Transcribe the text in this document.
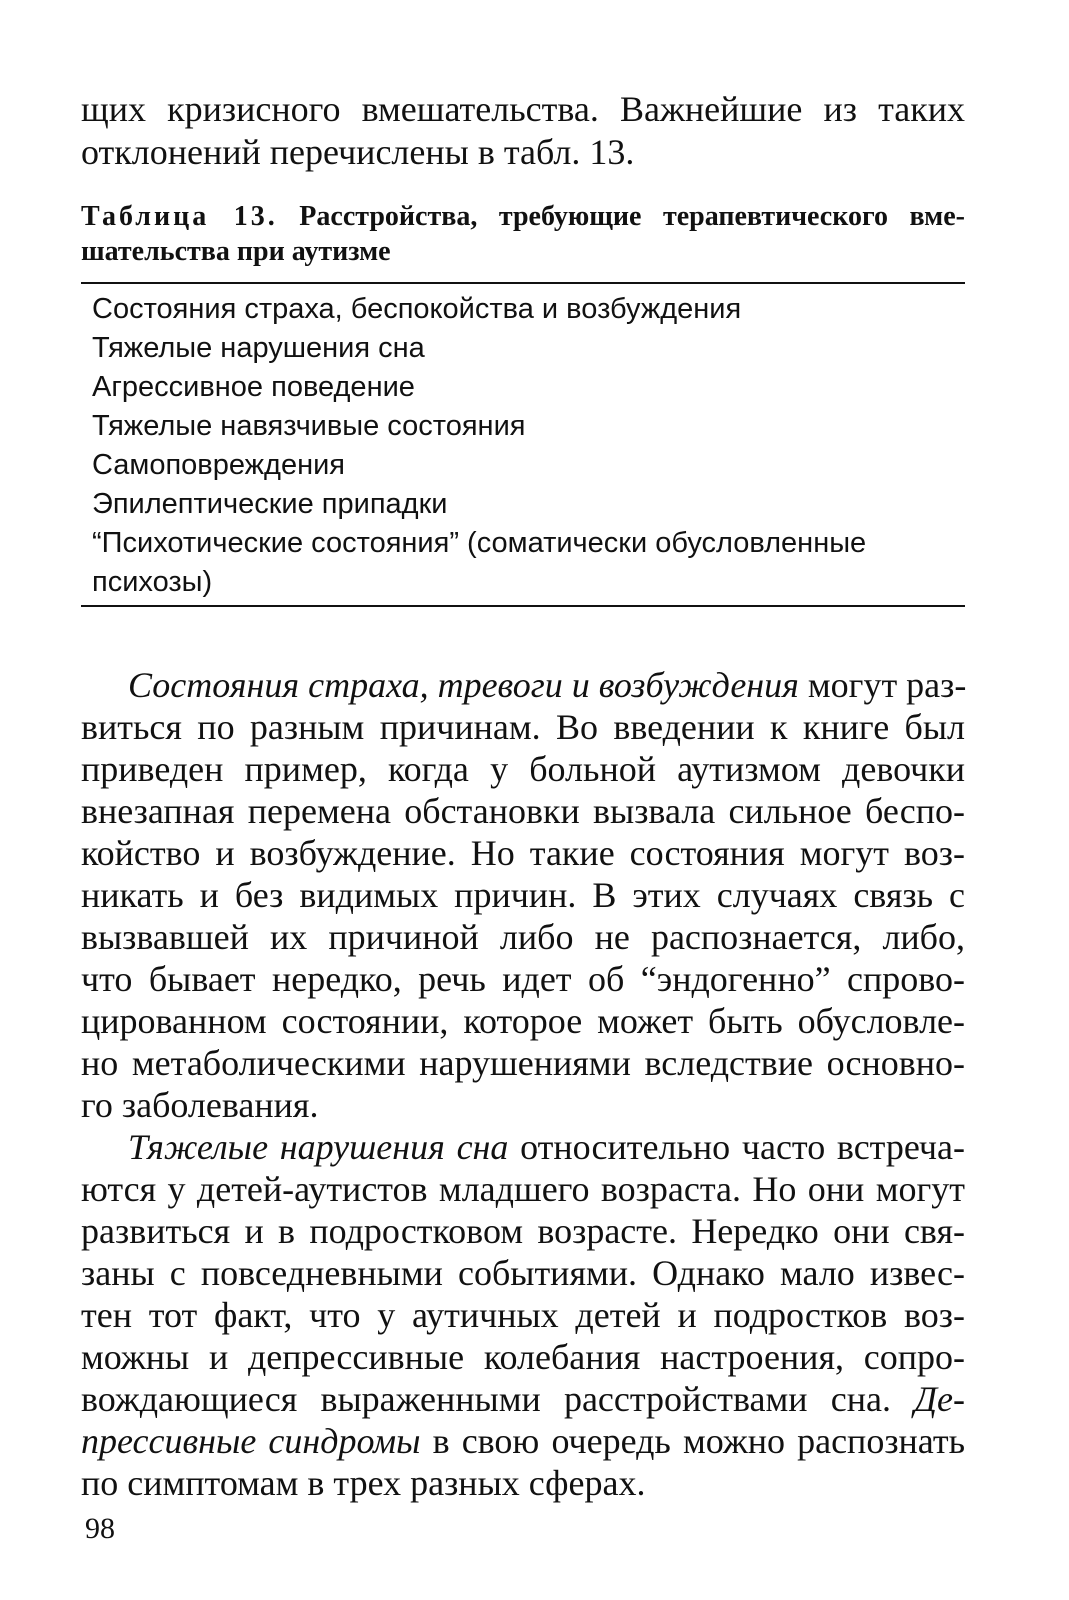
щих кризисного вмешательства. Важнейшие из таких
отклонений перечислены в табл. 13.
Таблица 13. Расстройства, требующие терапевтического вме-
шательства при аутизме
Состояния страха, беспокойства и возбуждения
Тяжелые нарушения сна
Агрессивное поведение
Тяжелые навязчивые состояния
Самоповреждения
Эпилептические припадки
“Психотические состояния” (соматически обусловленные психозы)
Состояния страха, тревоги и возбуждения могут раз-
виться по разным причинам. Во введении к книге был
приведен пример, когда у больной аутизмом девочки
внезапная перемена обстановки вызвала сильное беспо-
койство и возбуждение. Но такие состояния могут воз-
никать и без видимых причин. В этих случаях связь с
вызвавшей их причиной либо не распознается, либо,
что бывает нередко, речь идет об “эндогенно” спрово-
цированном состоянии, которое может быть обусловле-
но метаболическими нарушениями вследствие основно-
го заболевания.
Тяжелые нарушения сна относительно часто встреча-
ются у детей-аутистов младшего возраста. Но они могут
развиться и в подростковом возрасте. Нередко они свя-
заны с повседневными событиями. Однако мало извес-
тен тот факт, что у аутичных детей и подростков воз-
можны и депрессивные колебания настроения, сопро-
вождающиеся выраженными расстройствами сна. Де-
прессивные синдромы в свою очередь можно распознать
по симптомам в трех разных сферах.
98
